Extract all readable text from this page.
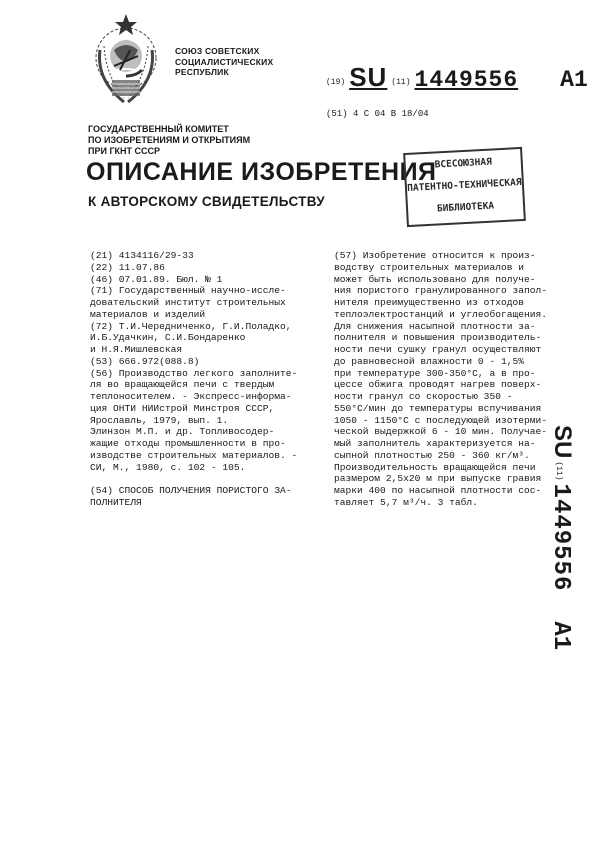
СОЮЗ СОВЕТСКИХ
СОЦИАЛИСТИЧЕСКИХ
РЕСПУБЛИК
(19) SU (11) 1449556 A1
(51) 4 С 04 В 18/04
ГОСУДАРСТВЕННЫЙ КОМИТЕТ
ПО ИЗОБРЕТЕНИЯМ И ОТКРЫТИЯМ
ПРИ ГКНТ СССР
ОПИСАНИЕ ИЗОБРЕТЕНИЯ
К АВТОРСКОМУ СВИДЕТЕЛЬСТВУ
ВСЕСОЮЗНАЯ
ПАТЕНТНО-ТЕХНИЧЕСКАЯ
БИБЛИОТЕКА
(21) 4134116/29-33
(22) 11.07.86
(46) 07.01.89. Бюл. № 1
(71) Государственный научно-иссле-
довательский институт строительных
материалов и изделий
(72) Т.И.Чередниченко, Г.И.Поладко,
И.Б.Удачкин, С.И.Бондаренко
и Н.Я.Мишлевская
(53) 666.972(088.8)
(56) Производство легкого заполните-
ля во вращающейся печи с твердым
теплоносителем. - Экспресс-информа-
ция ОНТИ НИИстрой Минстроя СССР,
Ярославль, 1979, вып. 1.
Элинзон М.П. и др. Топливосодер-
жащие отходы промышленности в про-
изводстве строительных материалов. -
СИ, М., 1980, с. 102 - 105.

(54) СПОСОБ ПОЛУЧЕНИЯ ПОРИСТОГО ЗА-
ПОЛНИТЕЛЯ
(57) Изобретение относится к произ-
водству строительных материалов и
может быть использовано для получе-
ния пористого гранулированного запол-
нителя преимущественно из отходов
теплоэлектростанций и углеобогащения.
Для снижения насыпной плотности за-
полнителя и повышения производитель-
ности печи сушку гранул осуществляют
до равновесной влажности 0 - 1,5%
при температуре 300-350°С, а в про-
цессе обжига проводят нагрев поверх-
ности гранул со скоростью 350 -
550°С/мин до температуры вспучивания
1050 - 1150°С с последующей изотерми-
ческой выдержкой 6 - 10 мин. Получае-
мый заполнитель характеризуется на-
сыпной плотностью 250 - 360 кг/м³.
Производительность вращающейся печи
размером 2,5x20 м при выпуске гравия
марки 400 по насыпной плотности сос-
тавляет 5,7 м³/ч. 3 табл.
SU(11)1449556A1
